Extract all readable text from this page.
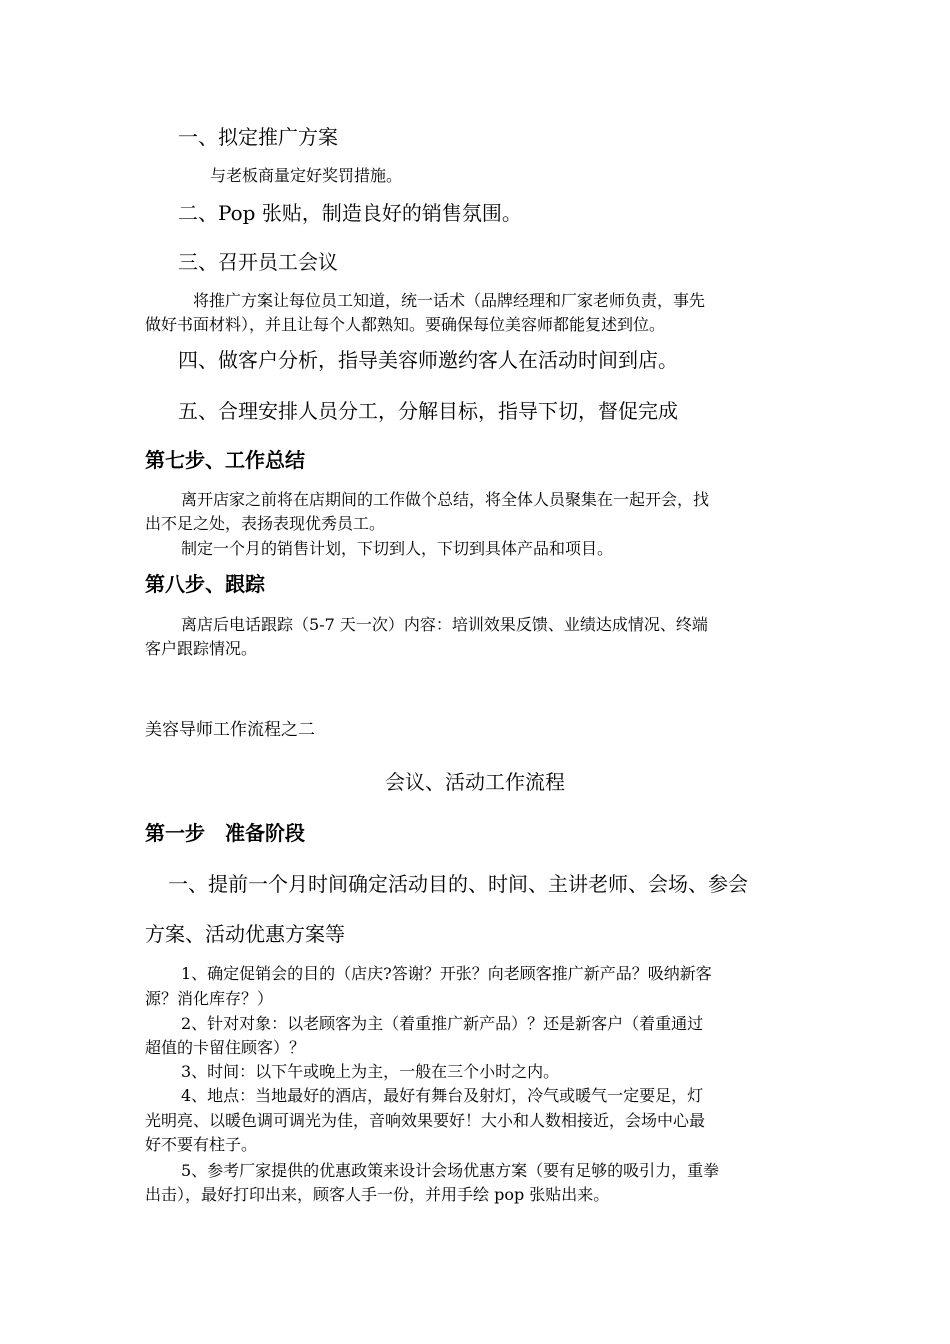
一、拟定推广方案
与老板商量定好奖罚措施。
二、Pop 张贴，制造良好的销售氛围。
三、召开员工会议
将推广方案让每位员工知道，统一话术（品牌经理和厂家老师负责，事先
做好书面材料），并且让每个人都熟知。要确保每位美容师都能复述到位。
四、做客户分析，指导美容师邀约客人在活动时间到店。
五、合理安排人员分工，分解目标，指导下切，督促完成
第七步、工作总结
离开店家之前将在店期间的工作做个总结，将全体人员聚集在一起开会，找
出不足之处，表扬表现优秀员工。
制定一个月的销售计划，下切到人，下切到具体产品和项目。
第八步、跟踪
离店后电话跟踪（5-7 天一次）内容：培训效果反馈、业绩达成情况、终端
客户跟踪情况。
美容导师工作流程之二
会议、活动工作流程
第一步　准备阶段
一、提前一个月时间确定活动目的、时间、主讲老师、会场、参会
方案、活动优惠方案等
1、确定促销会的目的（店庆?答谢？开张？向老顾客推广新产品？吸纳新客
源？消化库存？）
2、针对对象：以老顾客为主（着重推广新产品）？还是新客户（着重通过
超值的卡留住顾客）？
3、时间：以下午或晚上为主，一般在三个小时之内。
4、地点：当地最好的酒店，最好有舞台及射灯，冷气或暖气一定要足，灯
光明亮、以暖色调可调光为佳，音响效果要好！大小和人数相接近，会场中心最
好不要有柱子。
5、参考厂家提供的优惠政策来设计会场优惠方案（要有足够的吸引力，重拳
出击），最好打印出来，顾客人手一份，并用手绘 pop 张贴出来。
